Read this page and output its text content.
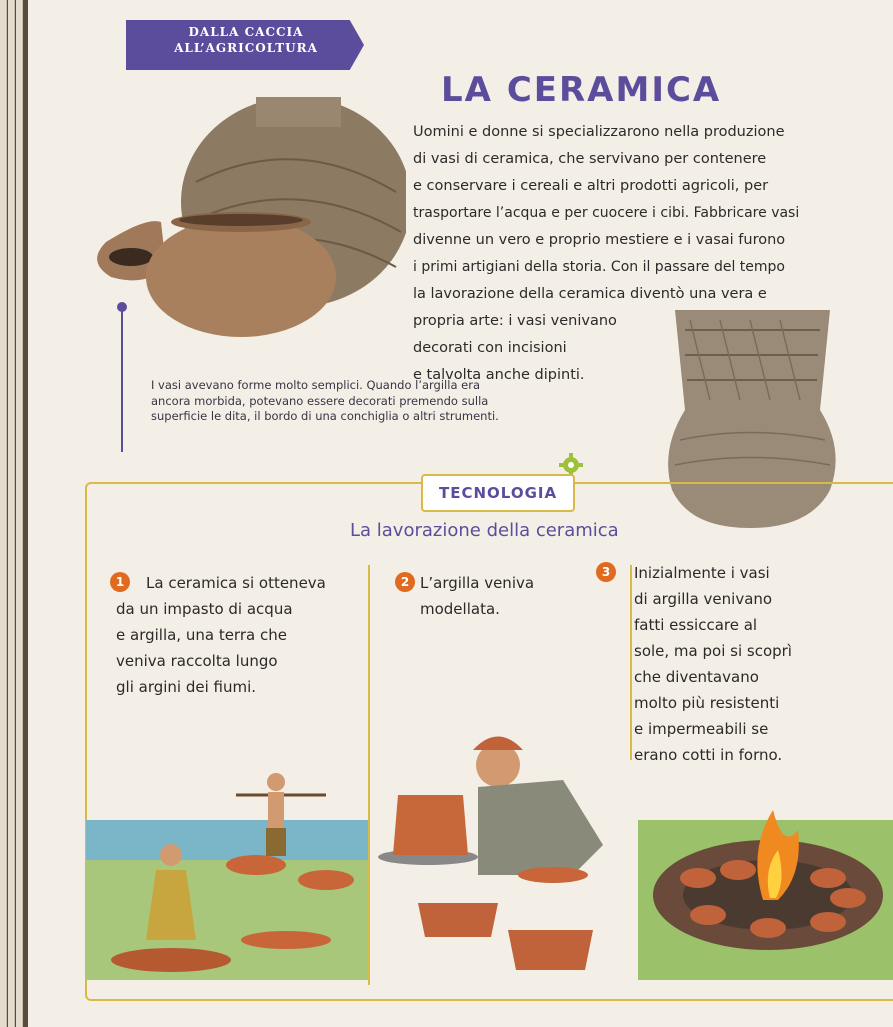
DALLA CACCIA
ALL’AGRICOLTURA
LA CERAMICA
Uomini e donne si specializzarono nella produzione
di vasi di ceramica, che servivano per contenere
e conservare i cereali e altri prodotti agricoli, per
trasportare l’acqua e per cuocere i cibi. Fabbricare vasi
divenne un vero e proprio mestiere e i vasai furono
i primi artigiani della storia. Con il passare del tempo
la lavorazione della ceramica diventò una vera e
propria arte: i vasi venivano
decorati con incisioni
e talvolta anche dipinti.
I vasi avevano forme molto semplici. Quando l’argilla era ancora morbida, potevano essere decorati premendo sulla superficie le dita, il bordo di una conchiglia o altri strumenti.
TECNOLOGIA
La lavorazione della ceramica
1	La ceramica si otteneva
da un impasto di acqua
e argilla, una terra che
veniva raccolta lungo
gli argini dei fiumi.
2 L’argilla veniva
modellata.
3	Inizialmente i vasi
di argilla venivano
fatti essiccare al
sole, ma poi si scoprì
che diventavano
molto più resistenti
e impermeabili se
erano cotti in forno.
